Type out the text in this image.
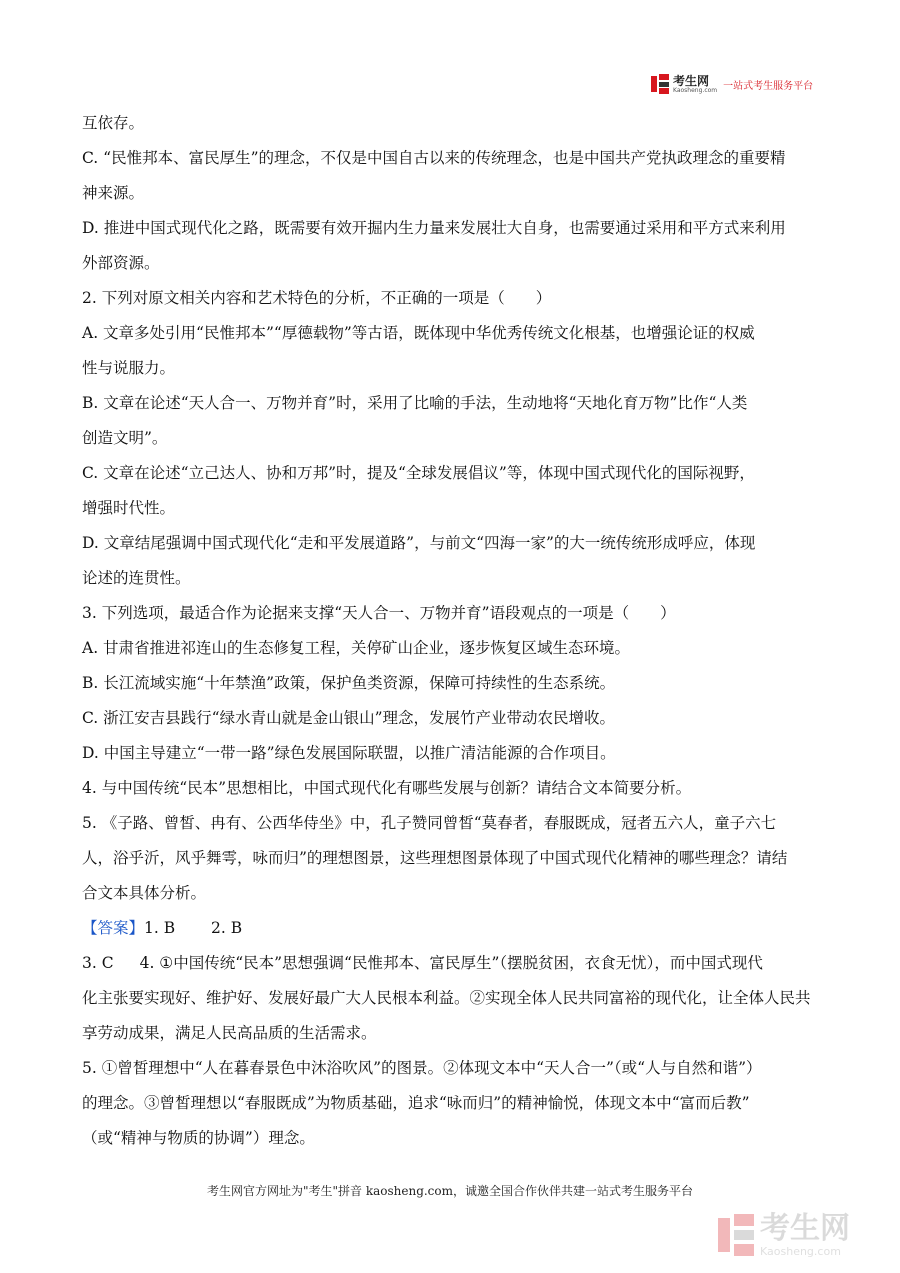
考生网
Kaosheng.com 一站式考生服务平台
互依存。
C. “民惟邦本、富民厚生”的理念，不仅是中国自古以来的传统理念，也是中国共产党执政理念的重要精
神来源。
D. 推进中国式现代化之路，既需要有效开掘内生力量来发展壮大自身，也需要通过采用和平方式来利用
外部资源。
2. 下列对原文相关内容和艺术特色的分析，不正确的一项是（　　）
A. 文章多处引用“民惟邦本”“厚德载物”等古语，既体现中华优秀传统文化根基，也增强论证的权威
性与说服力。
B. 文章在论述“天人合一、万物并育”时，采用了比喻的手法，生动地将“天地化育万物”比作“人类
创造文明”。
C. 文章在论述“立己达人、协和万邦”时，提及“全球发展倡议”等，体现中国式现代化的国际视野，
增强时代性。
D. 文章结尾强调中国式现代化“走和平发展道路”，与前文“四海一家”的大一统传统形成呼应，体现
论述的连贯性。
3. 下列选项，最适合作为论据来支撑“天人合一、万物并育”语段观点的一项是（　　）
A. 甘肃省推进祁连山的生态修复工程，关停矿山企业，逐步恢复区域生态环境。
B. 长江流域实施“十年禁渔”政策，保护鱼类资源，保障可持续性的生态系统。
C. 浙江安吉县践行“绿水青山就是金山银山”理念，发展竹产业带动农民增收。
D. 中国主导建立“一带一路”绿色发展国际联盟，以推广清洁能源的合作项目。
4. 与中国传统“民本”思想相比，中国式现代化有哪些发展与创新？请结合文本简要分析。
5. 《子路、曾皙、冉有、公西华侍坐》中，孔子赞同曾皙“莫春者，春服既成，冠者五六人，童子六七
人，浴乎沂，风乎舞雩，咏而归”的理想图景，这些理想图景体现了中国式现代化精神的哪些理念？请结
合文本具体分析。
【答案】1. B　　 2. B
3. C 4. ①中国传统“民本”思想强调“民惟邦本、富民厚生”（摆脱贫困，衣食无忧），而中国式现代
化主张要实现好、维护好、发展好最广大人民根本利益。②实现全体人民共同富裕的现代化，让全体人民共
享劳动成果，满足人民高品质的生活需求。
5. ①曾皙理想中“人在暮春景色中沐浴吹风”的图景。②体现文本中“天人合一”（或“人与自然和谐”）
的理念。③曾皙理想以“春服既成”为物质基础，追求“咏而归”的精神愉悦，体现文本中“富而后教”
（或“精神与物质的协调”）理念。
考生网官方网址为"考生"拼音 kaosheng.com，诚邀全国合作伙伴共建一站式考生服务平台
考生网
Kaosheng.com
